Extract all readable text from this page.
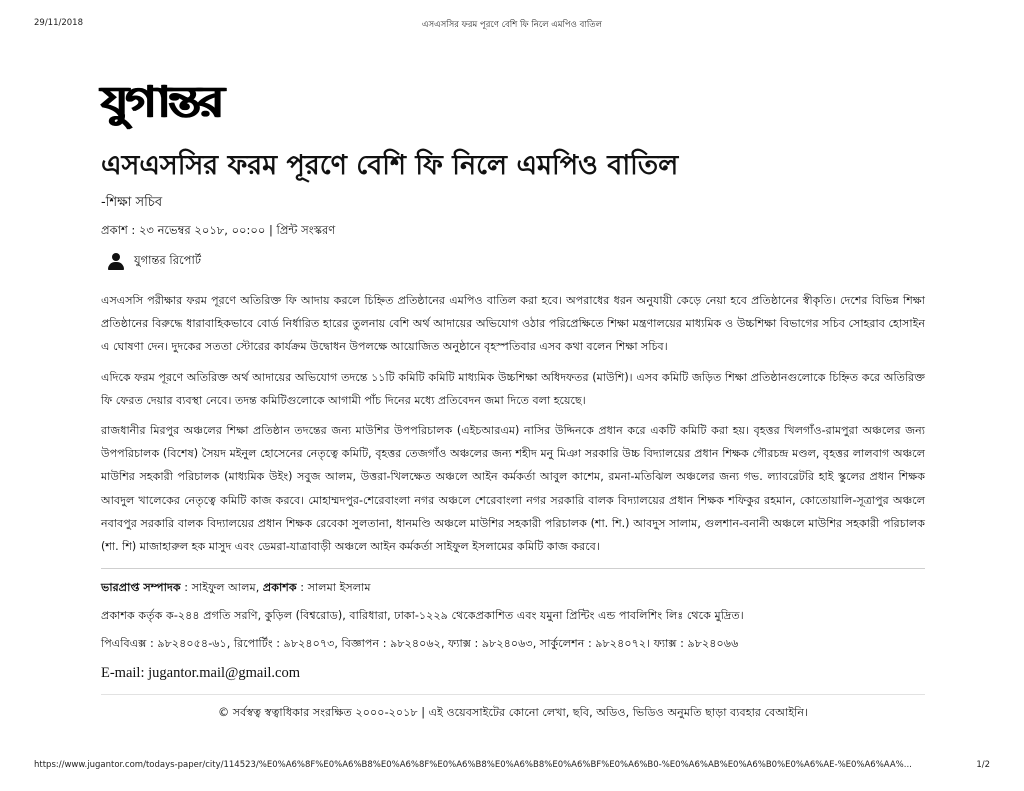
29/11/2018	এসএসসির ফরম পূরণে বেশি ফি নিলে এমপিও বাতিল
যুগান্তর
এসএসসির ফরম পূরণে বেশি ফি নিলে এমপিও বাতিল
-শিক্ষা সচিব
প্রকাশ : ২৩ নভেম্বর ২০১৮, ০০:০০ | প্রিন্ট সংস্করণ
যুগান্তর রিপোর্ট

এসএসসি পরীক্ষার ফরম পূরণে অতিরিক্ত ফি আদায় করলে চিহ্নিত প্রতিষ্ঠানের এমপিও বাতিল করা হবে। অপরাধের ধরন অনুযায়ী কেড়ে নেয়া হবে প্রতিষ্ঠানের স্বীকৃতি। দেশের বিভিন্ন শিক্ষা প্রতিষ্ঠানের বিরুদ্ধে ধারাবাহিকভাবে বোর্ড নির্ধারিত হারের তুলনায় বেশি অর্থ আদায়ের অভিযোগ ওঠার পরিপ্রেক্ষিতে শিক্ষা মন্ত্রণালয়ের মাধ্যমিক ও উচ্চশিক্ষা বিভাগের সচিব সোহরাব হোসাইন এ ঘোষণা দেন। দুদকের সততা স্টোরের কার্যক্রম উদ্বোধন উপলক্ষে আয়োজিত অনুষ্ঠানে বৃহস্পতিবার এসব কথা বলেন শিক্ষা সচিব।

এদিকে ফরম পূরণে অতিরিক্ত অর্থ আদায়ের অভিযোগ তদন্তে ১১টি কমিটি কমিটি মাধ্যমিক উচ্চশিক্ষা অধিদফতর (মাউশি)। এসব কমিটি জড়িত শিক্ষা প্রতিষ্ঠানগুলোকে চিহ্নিত করে অতিরিক্ত ফি ফেরত দেয়ার ব্যবস্থা নেবে। তদন্ত কমিটিগুলোকে আগামী পাঁচ দিনের মধ্যে প্রতিবেদন জমা দিতে বলা হয়েছে।

রাজধানীর মিরপুর অঞ্চলের শিক্ষা প্রতিষ্ঠান তদন্তের জন্য মাউশির উপপরিচালক (এইচআরএম) নাসির উদ্দিনকে প্রধান করে একটি কমিটি করা হয়। বৃহত্তর খিলগাঁও-রামপুরা অঞ্চলের জন্য উপপরিচালক (বিশেষ) সৈয়দ মইনুল হোসেনের নেতৃত্বে কমিটি, বৃহত্তর তেজগাঁও অঞ্চলের জন্য শহীদ মনু মিঞা সরকারি উচ্চ বিদ্যালয়ের প্রধান শিক্ষক গৌরচন্দ্র মণ্ডল, বৃহত্তর লালবাগ অঞ্চলে মাউশির সহকারী পরিচালক (মাধ্যমিক উইং) সবুজ আলম, উত্তরা-খিলক্ষেত অঞ্চলে আইন কর্মকর্তা আবুল কাশেম, রমনা-মতিঝিল অঞ্চলের জন্য গভ. ল্যাবরেটরি হাই স্কুলের প্রধান শিক্ষক আবদুল খালেকের নেতৃত্বে কমিটি কাজ করবে। মোহাম্মদপুর-শেরেবাংলা নগর অঞ্চলে শেরেবাংলা নগর সরকারি বালক বিদ্যালয়ের প্রধান শিক্ষক শফিকুর রহমান, কোতোয়ালি-সূত্রাপুর অঞ্চলে নবাবপুর সরকারি বালক বিদ্যালয়ের প্রধান শিক্ষক রেবেকা সুলতানা, ধানমণ্ডি অঞ্চলে মাউশির সহকারী পরিচালক (শা. শি.) আবদুস সালাম, গুলশান-বনানী অঞ্চলে মাউশির সহকারী পরিচালক (শা. শি) মাজাহারুল হক মাসুদ এবং ডেমরা-যাত্রাবাড়ী অঞ্চলে আইন কর্মকর্তা সাইফুল ইসলামের কমিটি কাজ করবে।

ভারপ্রাপ্ত সম্পাদক : সাইফুল আলম, প্রকাশক : সালমা ইসলাম
প্রকাশক কর্তৃক ক-২৪৪ প্রগতি সরণি, কুড়িল (বিশ্বরোড), বারিধারা, ঢাকা-১২২৯ থেকেপ্রকাশিত এবং যমুনা প্রিন্টিং এন্ড পাবলিশিং লিঃ থেকে মুদ্রিত।
পিএবিএক্স : ৯৮২৪০৫৪-৬১, রিপোর্টিং : ৯৮২৪০৭৩, বিজ্ঞাপন : ৯৮২৪০৬২, ফ্যাক্স : ৯৮২৪০৬৩, সার্কুলেশন : ৯৮২৪০৭২। ফ্যাক্স : ৯৮২৪০৬৬
E-mail: jugantor.mail@gmail.com
© সর্বস্বত্ব স্বত্বাধিকার সংরক্ষিত ২০০০-২০১৮ | এই ওয়েবসাইটের কোনো লেখা, ছবি, অডিও, ভিডিও অনুমতি ছাড়া ব্যবহার বেআইনি।
https://www.jugantor.com/todays-paper/city/114523/%E0%A6%8F%E0%A6%B8%E0%A6%8F%E0%A6%B8%E0%A6%B8%E0%A6%BF%E0%A6%B0-%E0%A6%AB%E0%A6%B0%E0%A6%AE-%E0%A6%AA%...	1/2
